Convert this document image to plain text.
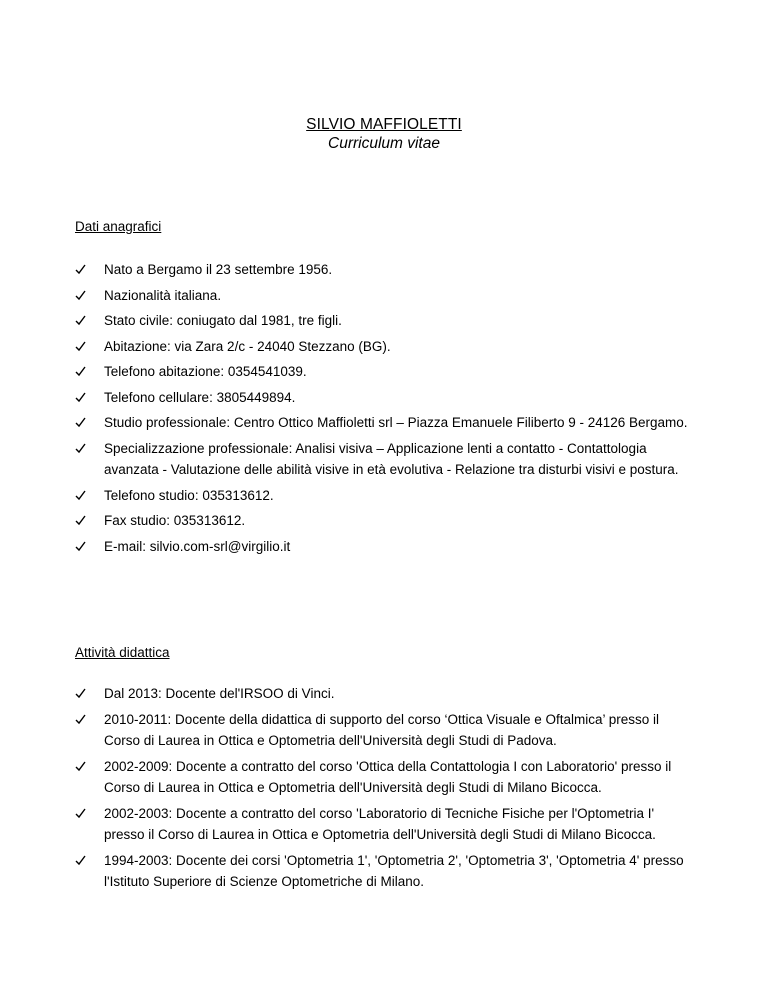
SILVIO MAFFIOLETTI
Curriculum vitae
Dati anagrafici
Nato a Bergamo il 23 settembre 1956.
Nazionalità italiana.
Stato civile: coniugato dal 1981, tre figli.
Abitazione: via Zara 2/c - 24040 Stezzano (BG).
Telefono abitazione: 0354541039.
Telefono cellulare: 3805449894.
Studio professionale: Centro Ottico Maffioletti srl – Piazza Emanuele Filiberto 9 - 24126 Bergamo.
Specializzazione professionale: Analisi visiva – Applicazione lenti a contatto - Contattologia avanzata - Valutazione delle abilità visive in età evolutiva - Relazione tra disturbi visivi e postura.
Telefono studio: 035313612.
Fax studio: 035313612.
E-mail: silvio.com-srl@virgilio.it
Attività didattica
Dal 2013: Docente del'IRSOO di Vinci.
2010-2011: Docente della didattica di supporto del corso ‘Ottica Visuale e Oftalmica’ presso il Corso di Laurea in Ottica e Optometria dell'Università degli Studi di Padova.
2002-2009: Docente a contratto del corso 'Ottica della Contattologia I con Laboratorio' presso il Corso di Laurea in Ottica e Optometria dell'Università degli Studi di Milano Bicocca.
2002-2003: Docente a contratto del corso 'Laboratorio di Tecniche Fisiche per l'Optometria I' presso il Corso di Laurea in Ottica e Optometria dell'Università degli Studi di Milano Bicocca.
1994-2003: Docente dei corsi 'Optometria 1', 'Optometria 2', 'Optometria 3', 'Optometria 4' presso l'Istituto Superiore di Scienze Optometriche di Milano.
